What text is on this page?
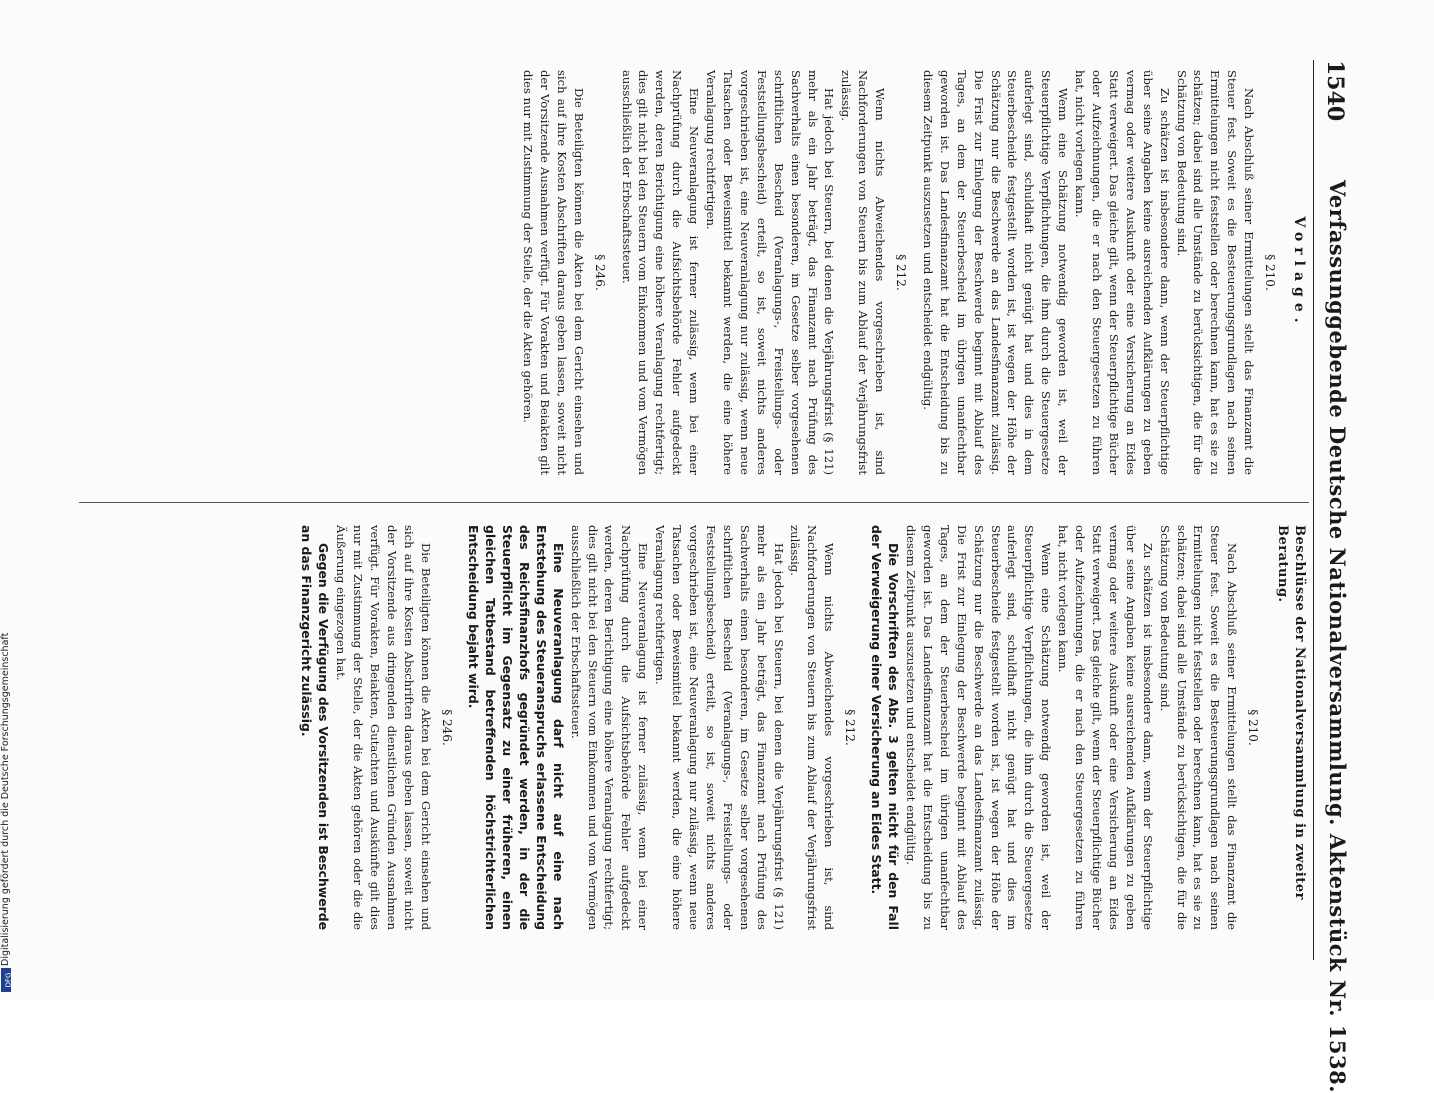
Digitalisierung gefördert durch die Deutsche Forschungsgemeinschaft
DFG
1540
Verfassunggebende Deutsche Nationalversammlung. Aktenstück Nr. 1538.
Vorlage.
§ 210.

Nach Abschluß seiner Ermittelungen stellt das Finanzamt die Steuer fest. Soweit es die Besteuerungsgrundlagen nach seinen Ermittelungen nicht feststellen oder berechnen kann, hat es sie zu schätzen; dabei sind alle Umstände zu berücksichtigen, die für die Schätzung von Bedeutung sind.

Zu schätzen ist insbesondere dann, wenn der Steuerpflichtige über seine Angaben keine ausreichenden Aufklärungen zu geben vermag oder weitere Auskunft oder eine Versicherung an Eides Statt verweigert. Das gleiche gilt, wenn der Steuerpflichtige Bücher oder Aufzeichnungen, die er nach den Steuergesetzen zu führen hat, nicht vorlegen kann.

Wenn eine Schätzung notwendig geworden ist, weil der Steuerpflichtige Verpflichtungen, die ihm durch die Steuergesetze auferlegt sind, schuldhaft nicht genügt hat und dies in dem Steuerbescheide festgestellt worden ist, ist wegen der Höhe der Schätzung nur die Beschwerde an das Landesfinanzamt zulässig. Die Frist zur Einlegung der Beschwerde beginnt mit Ablauf des Tages, an dem der Steuerbescheid im übrigen unanfechtbar geworden ist. Das Landesfinanzamt hat die Entscheidung bis zu diesem Zeitpunkt auszusetzen und entscheidet endgültig.

§ 212.

Wenn nichts Abweichendes vorgeschrieben ist, sind Nachforderungen von Steuern bis zum Ablauf der Verjährungsfrist zulässig.

Hat jedoch bei Steuern, bei denen die Verjährungsfrist (§ 121) mehr als ein Jahr beträgt, das Finanzamt nach Prüfung des Sachverhalts einen besonderen, im Gesetze selber vorgesehenen schriftlichen Bescheid (Veranlagungs-, Freistellungs- oder Feststellungsbescheid) erteilt, so ist, soweit nichts anderes vorgeschrieben ist, eine Neuveranlagung nur zulässig, wenn neue Tatsachen oder Beweismittel bekannt werden, die eine höhere Veranlagung rechtfertigen.

Eine Neuveranlagung ist ferner zulässig, wenn bei einer Nachprüfung durch die Aufsichtsbehörde Fehler aufgedeckt werden, deren Berichtigung eine höhere Veranlagung rechtfertigt; dies gilt nicht bei den Steuern vom Einkommen und vom Vermögen ausschließlich der Erbschaftssteuer.

§ 246.

Die Beteiligten können die Akten bei dem Gericht einsehen und sich auf ihre Kosten Abschriften daraus geben lassen, soweit nicht der Vorsitzende Ausnahmen verfügt. Für Voraktеn und Beiakten gilt dies nur mit Zustimmung der Stelle, der die Akten gehören.

Beschlüsse der Nationalversammlung in zweiter Beratung.
§ 210.

Nach Abschluß seiner Ermittelungen stellt das Finanzamt die Steuer fest. Soweit es die Besteuerungsgrundlagen nach seinen Ermittelungen nicht feststellen oder berechnen kann, hat es sie zu schätzen; dabei sind alle Umstände zu berücksichtigen, die für die Schätzung von Bedeutung sind.

Zu schätzen ist insbesondere dann, wenn der Steuerpflichtige über seine Angaben keine ausreichenden Aufklärungen zu geben vermag oder weitere Auskunft oder eine Versicherung an Eides Statt verweigert. Das gleiche gilt, wenn der Steuerpflichtige Bücher oder Aufzeichnungen, die er nach den Steuergesetzen zu führen hat, nicht vorlegen kann.

Wenn eine Schätzung notwendig geworden ist, weil der Steuerpflichtige Verpflichtungen, die ihm durch die Steuergesetze auferlegt sind, schuldhaft nicht genügt hat und dies im Steuerbescheide festgestellt worden ist, ist wegen der Höhe der Schätzung nur die Beschwerde an das Landesfinanzamt zulässig. Die Frist zur Einlegung der Beschwerde beginnt mit Ablauf des Tages, an dem der Steuerbescheid im übrigen unanfechtbar geworden ist. Das Landesfinanzamt hat die Entscheidung bis zu diesem Zeitpunkt auszusetzen und entscheidet endgültig.

Die Vorschriften des Abs. 3 gelten nicht für den Fall der Verweigerung einer Versicherung an Eides Statt.

§ 212.

Wenn nichts Abweichendes vorgeschrieben ist, sind Nachforderungen von Steuern bis zum Ablauf der Verjährungsfrist zulässig.

Hat jedoch bei Steuern, bei denen die Verjährungsfrist (§ 121) mehr als ein Jahr beträgt, das Finanzamt nach Prüfung des Sachverhalts einen besonderen, im Gesetze selber vorgesehenen schriftlichen Bescheid (Veranlagungs-, Freistellungs- oder Feststellungsbescheid) erteilt, so ist, soweit nichts anderes vorgeschrieben ist, eine Neuveranlagung nur zulässig, wenn neue Tatsachen oder Beweismittel bekannt werden, die eine höhere Veranlagung rechtfertigen.

Eine Neuveranlagung ist ferner zulässig, wenn bei einer Nachprüfung durch die Aufsichtsbehörde Fehler aufgedeckt werden, deren Berichtigung eine höhere Veranlagung rechtfertigt; dies gilt nicht bei den Steuern vom Einkommen und vom Vermögen ausschließlich der Erbschaftssteuer.

Eine Neuveranlagung darf nicht auf eine nach Entstehung des Steueranspruchs erlassene Entscheidung des Reichsfinanzhofs gegründet werden, in der die Steuerpflicht im Gegensatz zu einer früheren, einen gleichen Tatbestand betreffenden höchstrichterlichen Entscheidung bejaht wird.

§ 246.

Die Beteiligten können die Akten bei dem Gericht einsehen und sich auf ihre Kosten Abschriften daraus geben lassen, soweit nicht der Vorsitzende aus dringenden dienstlichen Gründen Ausnahmen verfügt. Für Vorakten, Beiakten, Gutachten und Auskünfte gilt dies nur mit Zustimmung der Stelle, der die Akten gehören oder die die Äußerung eingezogen hat.

Gegen die Verfügung des Vorsitzenden ist Beschwerde an das Finanzgericht zulässig.
